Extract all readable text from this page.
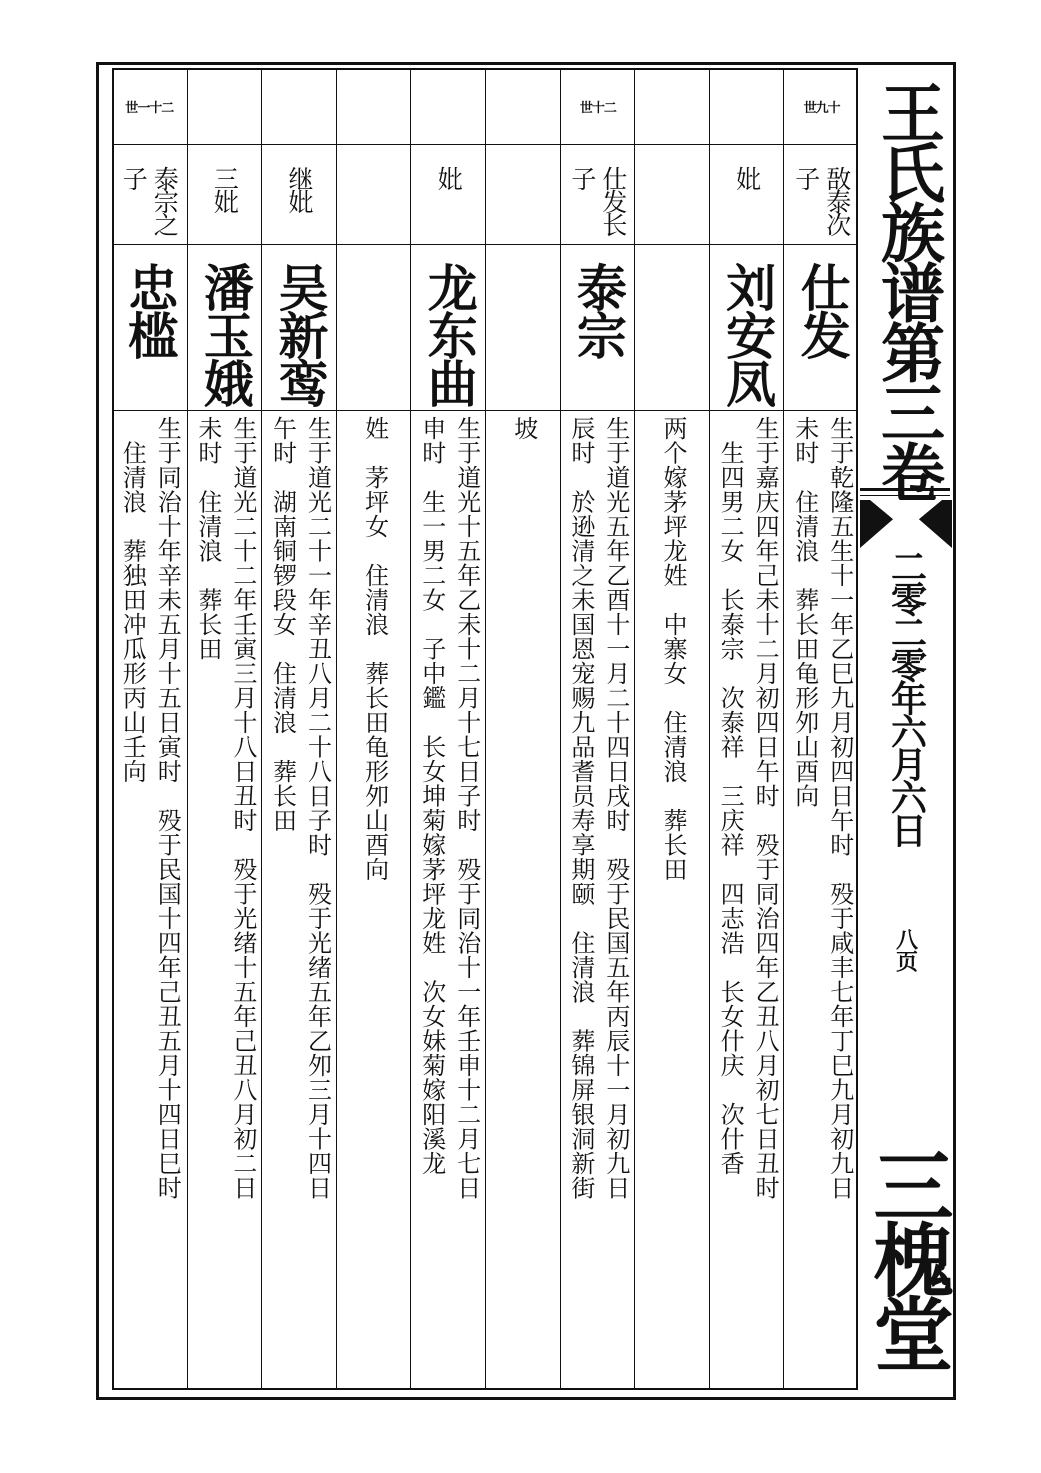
十九世
敔泰次子
仕发
生于乾隆五生十一年乙巳九月初四日午时　殁于咸丰七年丁巳九月初九日
未时　住清浪　葬长田龟形夘山酉向
妣
刘安凤
生于嘉庆四年己未十二月初四日午时　殁于同治四年乙丑八月初七日丑时
　生四男二女　长泰宗　次泰祥　三庆祥　四志浩　长女什庆　次什香
两个嫁茅坪龙姓　中寨女　住清浪　葬长田
二十世
仕发长子
泰宗
生于道光五年乙酉十一月二十四日戌时　殁于民国五年丙辰十一月初九日
辰时　於逊清之未国恩宠赐九品耆员寿享期颐　住清浪　葬锦屏银洞新街
坡
妣
龙东曲
生于道光十五年乙未十二月十七日子时　殁于同治十一年壬申十二月七日
申时　生一男二女　子中鑑　长女坤菊嫁茅坪龙姓　次女妹菊嫁阳溪龙
姓　茅坪女　住清浪　葬长田龟形夘山酉向
继妣
吴新鸾
生于道光二十一年辛丑八月二十八日子时　殁于光绪五年乙夘三月十四日
午时　湖南铜锣段女　住清浪　葬长田
三妣
潘玉娥
生于道光二十二年壬寅三月十八日丑时　殁于光绪十五年己丑八月初二日
未时　住清浪　葬长田
二十一世
泰宗之子
忠槛
生于同治十年辛未五月十五日寅时　殁于民国十四年己丑五月十四日巳时
　住清浪　葬独田冲瓜形丙山壬向
王氏族谱第三卷
二零二零年六月六日
八页
三槐堂
